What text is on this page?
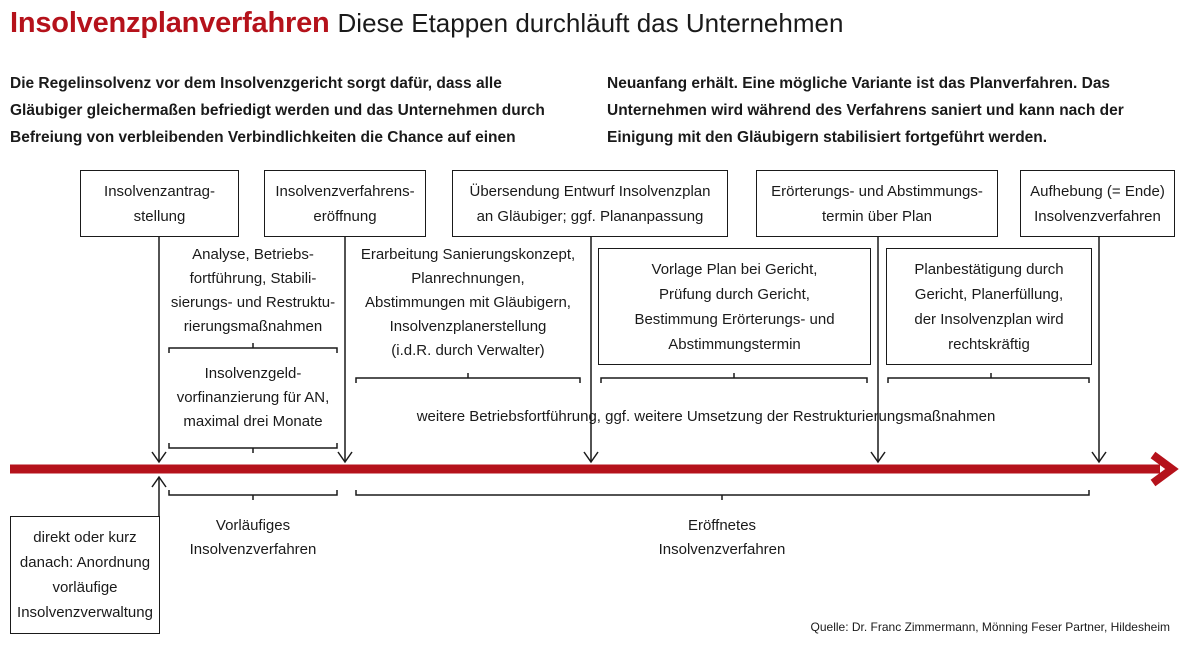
Insolvenzplanverfahren Diese Etappen durchläuft das Unternehmen
Die Regelinsolvenz vor dem Insolvenzgericht sorgt dafür, dass alle
Gläubiger gleichermaßen befriedigt werden und das Unternehmen durch
Befreiung von verbleibenden Verbindlichkeiten die Chance auf einen
Neuanfang erhält. Eine mögliche Variante ist das Planverfahren. Das
Unternehmen wird während des Verfahrens saniert und kann nach der
Einigung mit den Gläubigern stabilisiert fortgeführt werden.
Insolvenzantrag-
stellung
Insolvenzverfahrens-
eröffnung
Übersendung Entwurf Insolvenzplan
an Gläubiger; ggf. Plananpassung
Erörterungs- und Abstimmungs-
termin über Plan
Aufhebung (= Ende)
Insolvenzverfahren
Analyse, Betriebs-
fortführung, Stabili-
sierungs- und Restruktu-
rierungsmaßnahmen
Insolvenzgeld-
vorfinanzierung für AN,
maximal drei Monate
Erarbeitung Sanierungskonzept,
Planrechnungen,
Abstimmungen mit Gläubigern,
Insolvenzplanerstellung
(i.d.R. durch Verwalter)
Vorlage Plan bei Gericht,
Prüfung durch Gericht,
Bestimmung Erörterungs- und
Abstimmungstermin
Planbestätigung durch
Gericht, Planerfüllung,
der Insolvenzplan wird
rechtskräftig
weitere Betriebsfortführung, ggf. weitere Umsetzung der Restrukturierungsmaßnahmen
Vorläufiges
Insolvenzverfahren
Eröffnetes
Insolvenzverfahren
direkt oder kurz
danach: Anordnung
vorläufige
Insolvenzverwaltung
Quelle: Dr. Franc Zimmermann, Mönning Feser Partner, Hildesheim
